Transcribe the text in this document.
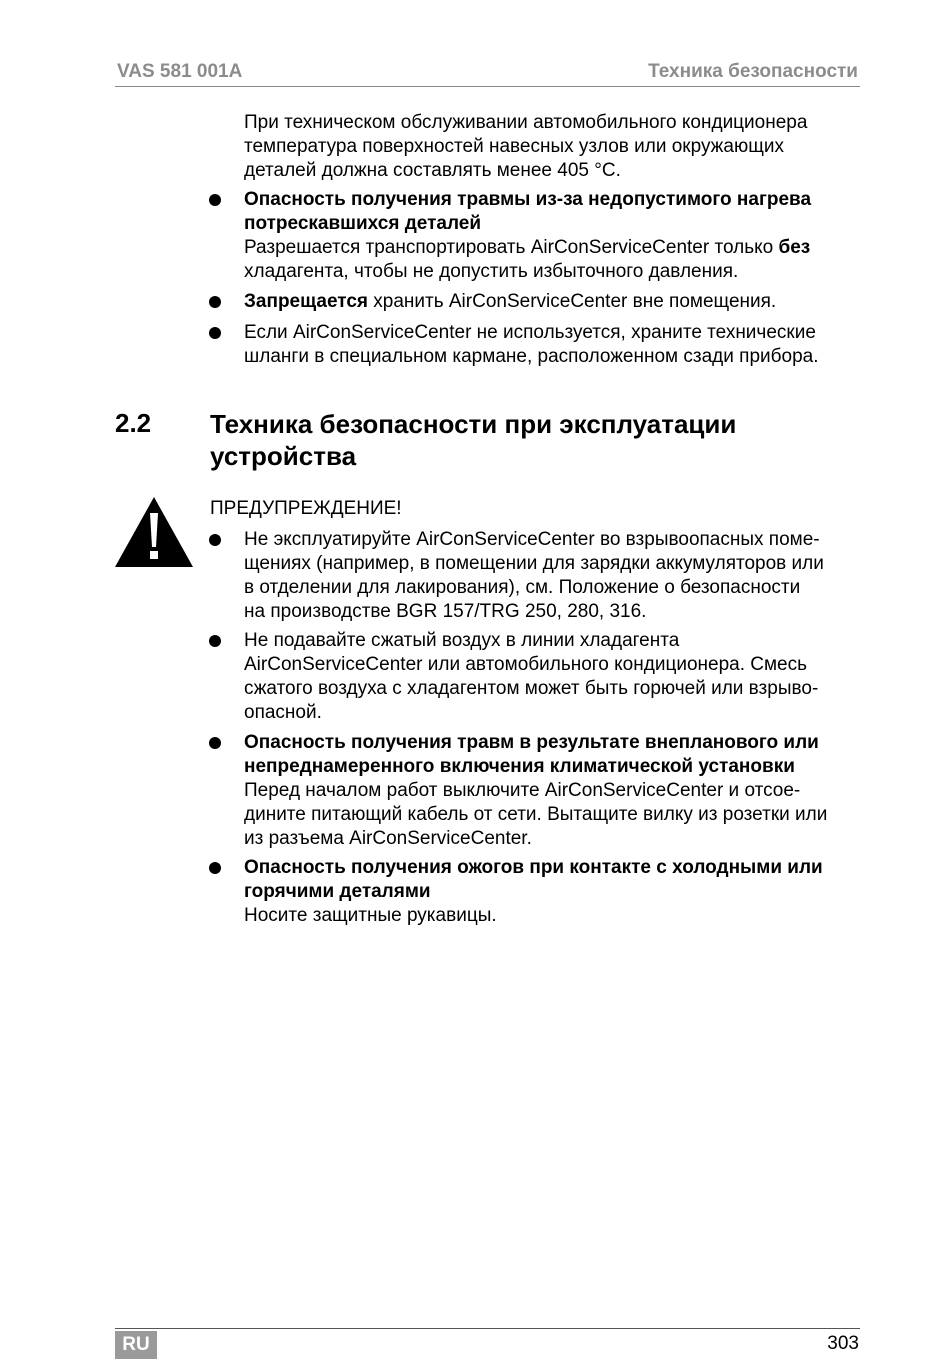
VAS 581 001A	Техника безопасности
При техническом обслуживании автомобильного кондиционера
температура поверхностей навесных узлов или окружающих
деталей должна составлять менее 405 °C.
Опасность получения травмы из-за недопустимого нагрева
потрескавшихся деталей
Разрешается транспортировать AirConServiceCenter только без
хладагента, чтобы не допустить избыточного давления.
Запрещается хранить AirConServiceCenter вне помещения.
Если AirConServiceCenter не используется, храните технические
шланги в специальном кармане, расположенном сзади прибора.
2.2 Техника безопасности при эксплуатации
устройства
ПРЕДУПРЕЖДЕНИЕ!
Не эксплуатируйте AirConServiceCenter во взрывоопасных поме-
щениях (например, в помещении для зарядки аккумуляторов или
в отделении для лакирования), см. Положение о безопасности
на производстве BGR 157/TRG 250, 280, 316.
Не подавайте сжатый воздух в линии хладагента
AirConServiceCenter или автомобильного кондиционера. Смесь
сжатого воздуха с хладагентом может быть горючей или взрыво-
опасной.
Опасность получения травм в результате внепланового или
непреднамеренного включения климатической установки
Перед началом работ выключите AirConServiceCenter и отсое-
дините питающий кабель от сети. Вытащите вилку из розетки или
из разъема AirConServiceCenter.
Опасность получения ожогов при контакте с холодными или
горячими деталями
Носите защитные рукавицы.
RU	303
